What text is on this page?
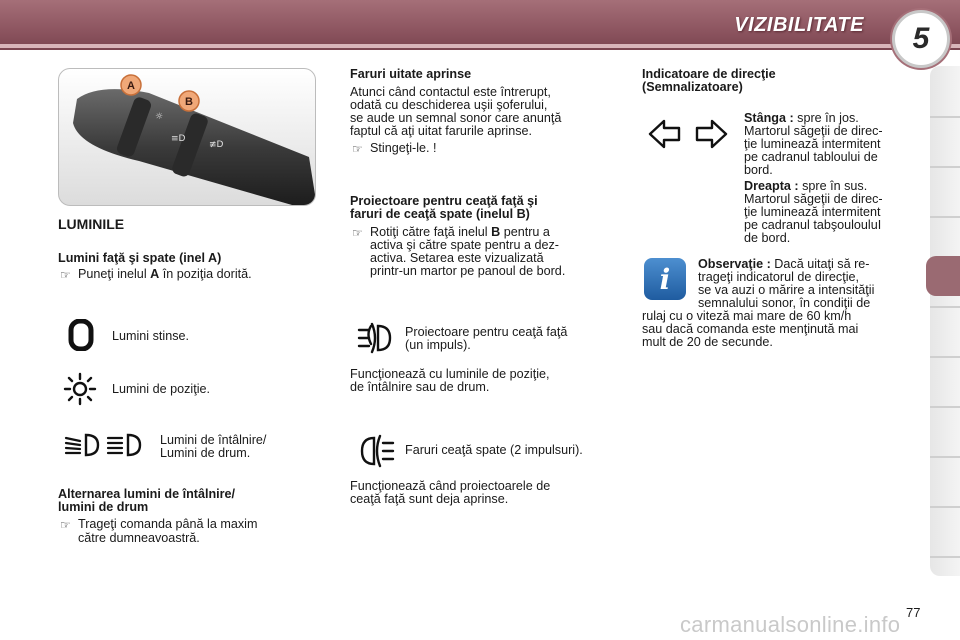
VIZIBILITATE 5
☼
≡D
≢D
A
B
LUMINILE
Lumini faţă şi spate (inel A)
☞ Puneţi inelul A în poziţia dorită.
Lumini stinse.
Lumini de poziţie.
Lumini de întâlnire/
Lumini de drum.
Alternarea lumini de întâlnire/
lumini de drum
☞ Trageţi comanda până la maxim
către dumneavoastră.
Faruri uitate aprinse
Atunci când contactul este întrerupt,
odată cu deschiderea uşii şoferului,
se aude un semnal sonor care anunţă
faptul că aţi uitat farurile aprinse.
☞ Stingeţi-le. !
Proiectoare pentru ceaţă faţă şi
faruri de ceaţă spate (inelul B)
☞ Rotiţi către faţă inelul B pentru a
activa şi către spate pentru a dez-
activa. Setarea este vizualizată
printr-un martor pe panoul de bord.
Proiectoare pentru ceaţă faţă
(un impuls).
Funcţionează cu luminile de poziţie,
de întâlnire sau de drum.
Faruri ceaţă spate (2 impulsuri).
Funcţionează când proiectoarele de
ceaţă faţă sunt deja aprinse.
Indicatoare de direcţie
(Semnalizatoare)
Stânga : spre în jos.
Martorul săgeţii de direc-
ţie luminează intermitent
pe cadranul tabloului de
bord.
Dreapta : spre în sus.
Martorul săgeţii de direc-
ţie luminează intermitent
pe cadranul tabşoulouluI
de bord.
i Observaţie : Dacă uitaţi să re-
trageţi indicatorul de direcţie,
se va auzi o mărire a intensităţii
semnalului sonor, în condiţii de
rulaj cu o viteză mai mare de 60 km/h
sau dacă comanda este menţinută mai
mult de 20 de secunde.
77
carmanualsonline.info
